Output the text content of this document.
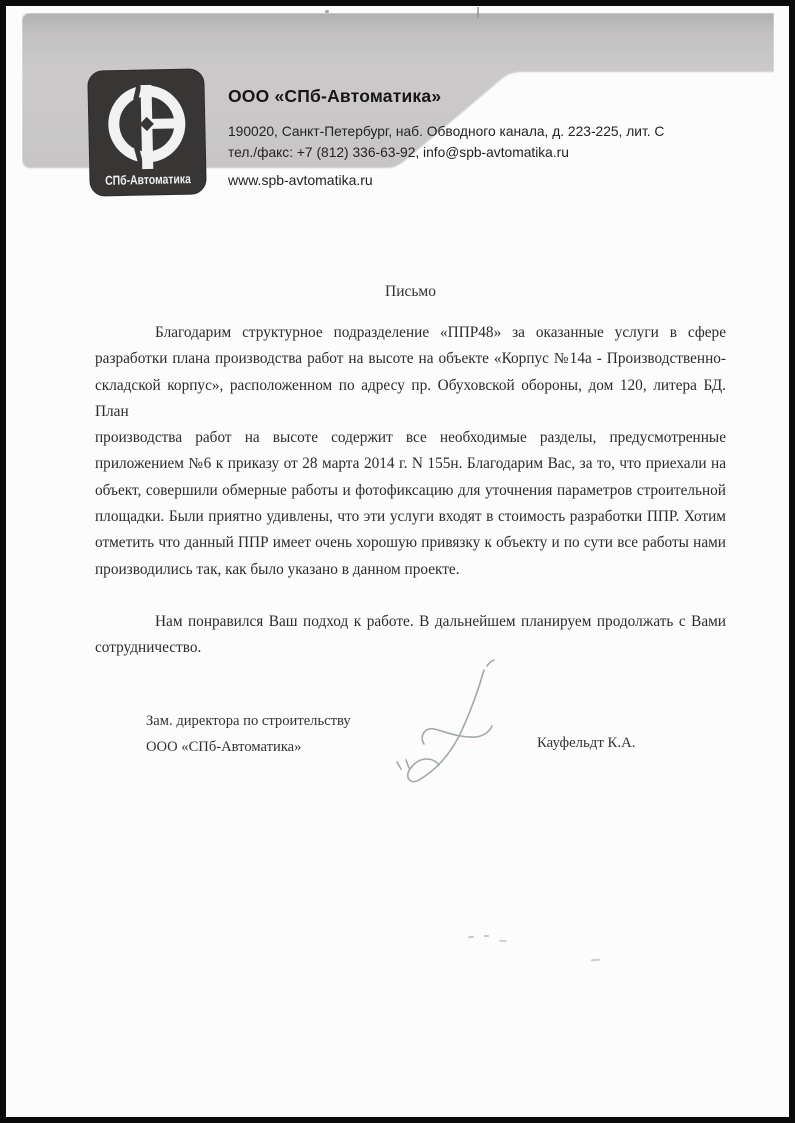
СПб-Автоматика
ООО «СПб-Автоматика»
190020, Санкт-Петербург, наб. Обводного канала, д. 223-225, лит. С
тел./факс: +7 (812) 336-63-92, info@spb-avtomatika.ru
www.spb-avtomatika.ru
Письмо
Благодарим структурное подразделение «ППР48» за оказанные услуги в сфере
разработки плана производства работ на высоте на объекте «Корпус №14а - Производственно-
складской корпус», расположенном по адресу пр. Обуховской обороны, дом 120, литера БД. План
производства работ на высоте содержит все необходимые разделы, предусмотренные
приложением №6 к приказу от 28 марта 2014 г. N 155н. Благодарим Вас, за то, что приехали на
объект, совершили обмерные работы и фотофиксацию для уточнения параметров строительной
площадки. Были приятно удивлены, что эти услуги входят в стоимость разработки ППР. Хотим
отметить что данный ППР имеет очень хорошую привязку к объекту и по сути все работы нами
производились так, как было указано в данном проекте.
Нам понравился Ваш подход к работе. В дальнейшем планируем продолжать с Вами
сотрудничество.
Зам. директора по строительству
ООО «СПб-Автоматика»	Кауфельдт К.А.
